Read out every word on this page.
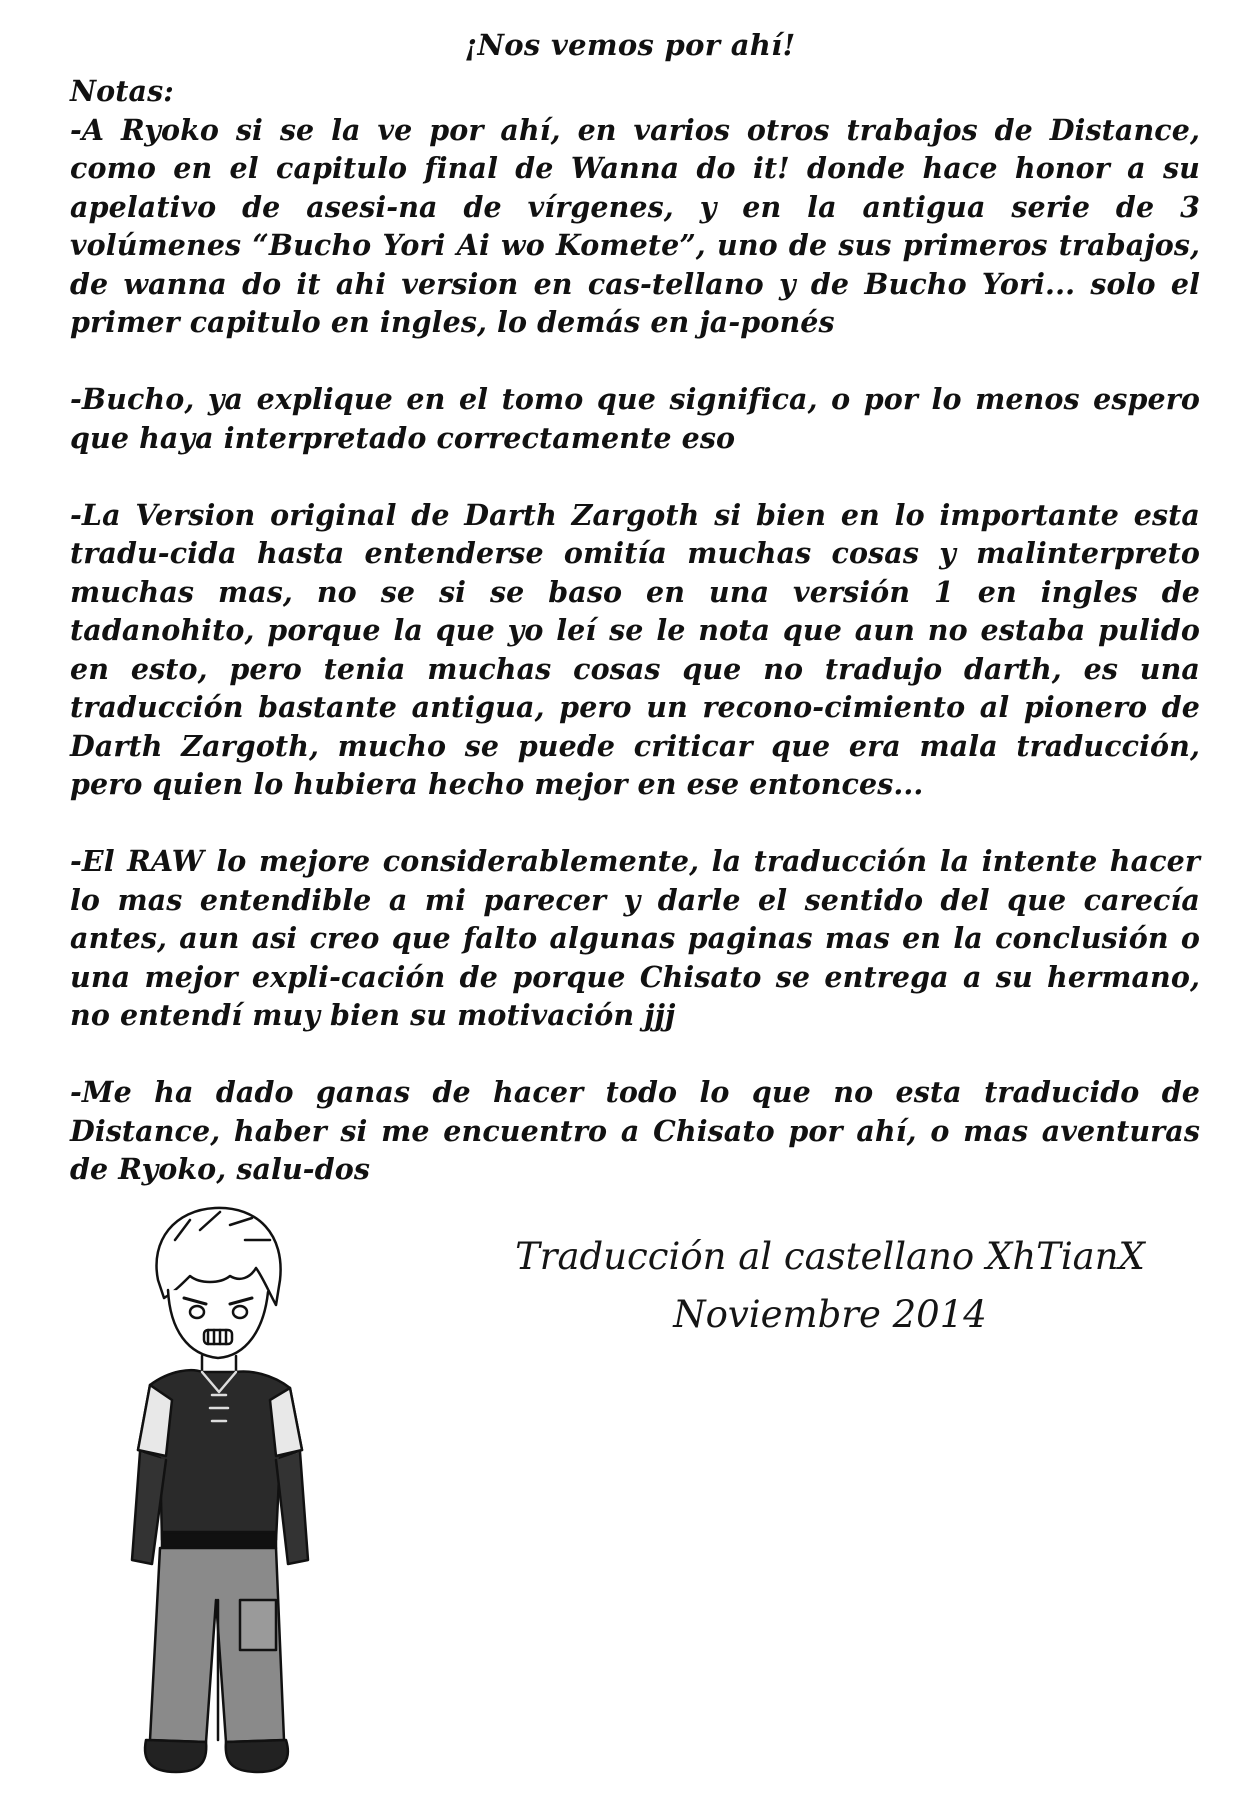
¡Nos vemos por ahí!

Notas:

-A Ryoko si se la ve por ahí, en varios otros trabajos de Distance, como en el capitulo final de Wanna do it! donde hace honor a su apelativo de asesi-na de vírgenes, y en la antigua serie de 3 volúmenes “Bucho Yori Ai wo Komete”, uno de sus primeros trabajos, de wanna do it ahi version en cas-tellano y de Bucho Yori... solo el primer capitulo en ingles, lo demás en ja-ponés

-Bucho, ya explique en el tomo que significa, o por lo menos espero que haya interpretado correctamente eso

-La Version original de Darth Zargoth si bien en lo importante esta tradu-cida hasta entenderse omitía muchas cosas y malinterpreto muchas mas, no se si se baso en una versión 1 en ingles de tadanohito, porque la que yo leí se le nota que aun no estaba pulido en esto, pero tenia muchas cosas que no tradujo darth, es una traducción bastante antigua, pero un recono-cimiento al pionero de Darth Zargoth, mucho se puede criticar que era mala traducción, pero quien lo hubiera hecho mejor en ese entonces...

-El RAW lo mejore considerablemente, la traducción la intente hacer lo mas entendible a mi parecer y darle el sentido del que carecía antes, aun asi creo que falto algunas paginas mas en la conclusión o una mejor expli-cación de porque Chisato se entrega a su hermano, no entendí muy bien su motivación jjj

-Me ha dado ganas de hacer todo lo que no esta traducido de Distance, haber si me encuentro a Chisato por ahí, o mas aventuras de Ryoko, salu-dos

Traducción al castellano XhTianX
Noviembre 2014
